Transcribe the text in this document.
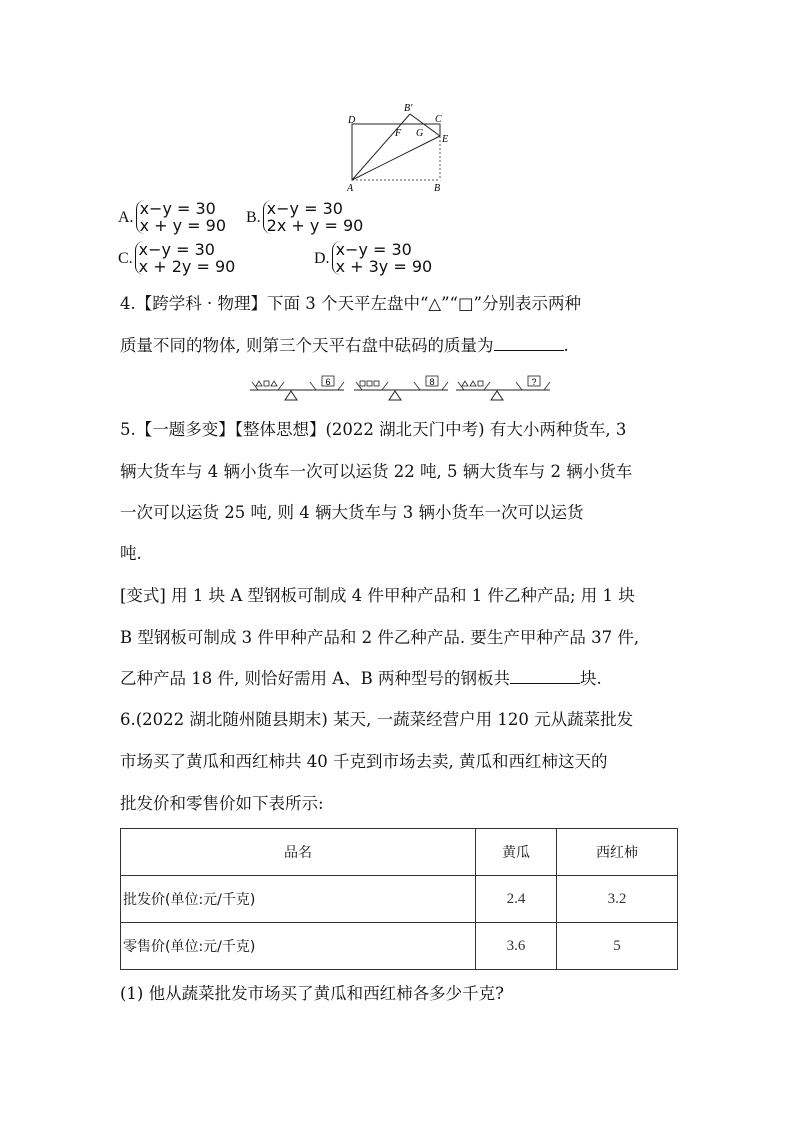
D
B′
C
F G
E
A	B
A. x−y = 30
x + y = 90 B. x−y = 30
2x + y = 90
C. x−y = 30
x + 2y = 90	D. x−y = 30
x + 3y = 90
4.【跨学科 · 物理】下面 3 个天平左盘中“△”“□”分别表示两种
质量不同的物体, 则第三个天平右盘中砝码的质量为	.
6	8	?
5.【一题多变】【整体思想】(2022 湖北天门中考) 有大小两种货车, 3
辆大货车与 4 辆小货车一次可以运货 22 吨, 5 辆大货车与 2 辆小货车
一次可以运货 25 吨, 则 4 辆大货车与 3 辆小货车一次可以运货
吨.
[变式] 用 1 块 A 型钢板可制成 4 件甲种产品和 1 件乙种产品; 用 1 块
B 型钢板可制成 3 件甲种产品和 2 件乙种产品. 要生产甲种产品 37 件,
乙种产品 18 件, 则恰好需用 A、B 两种型号的钢板共	块.
6.(2022 湖北随州随县期末) 某天, 一蔬菜经营户用 120 元从蔬菜批发
市场买了黄瓜和西红柿共 40 千克到市场去卖, 黄瓜和西红柿这天的
批发价和零售价如下表所示:
品名	黄瓜	西红柿
批发价(单位:元/千克)	2.4	3.2
零售价(单位:元/千克)	3.6	5
(1) 他从蔬菜批发市场买了黄瓜和西红柿各多少千克?
